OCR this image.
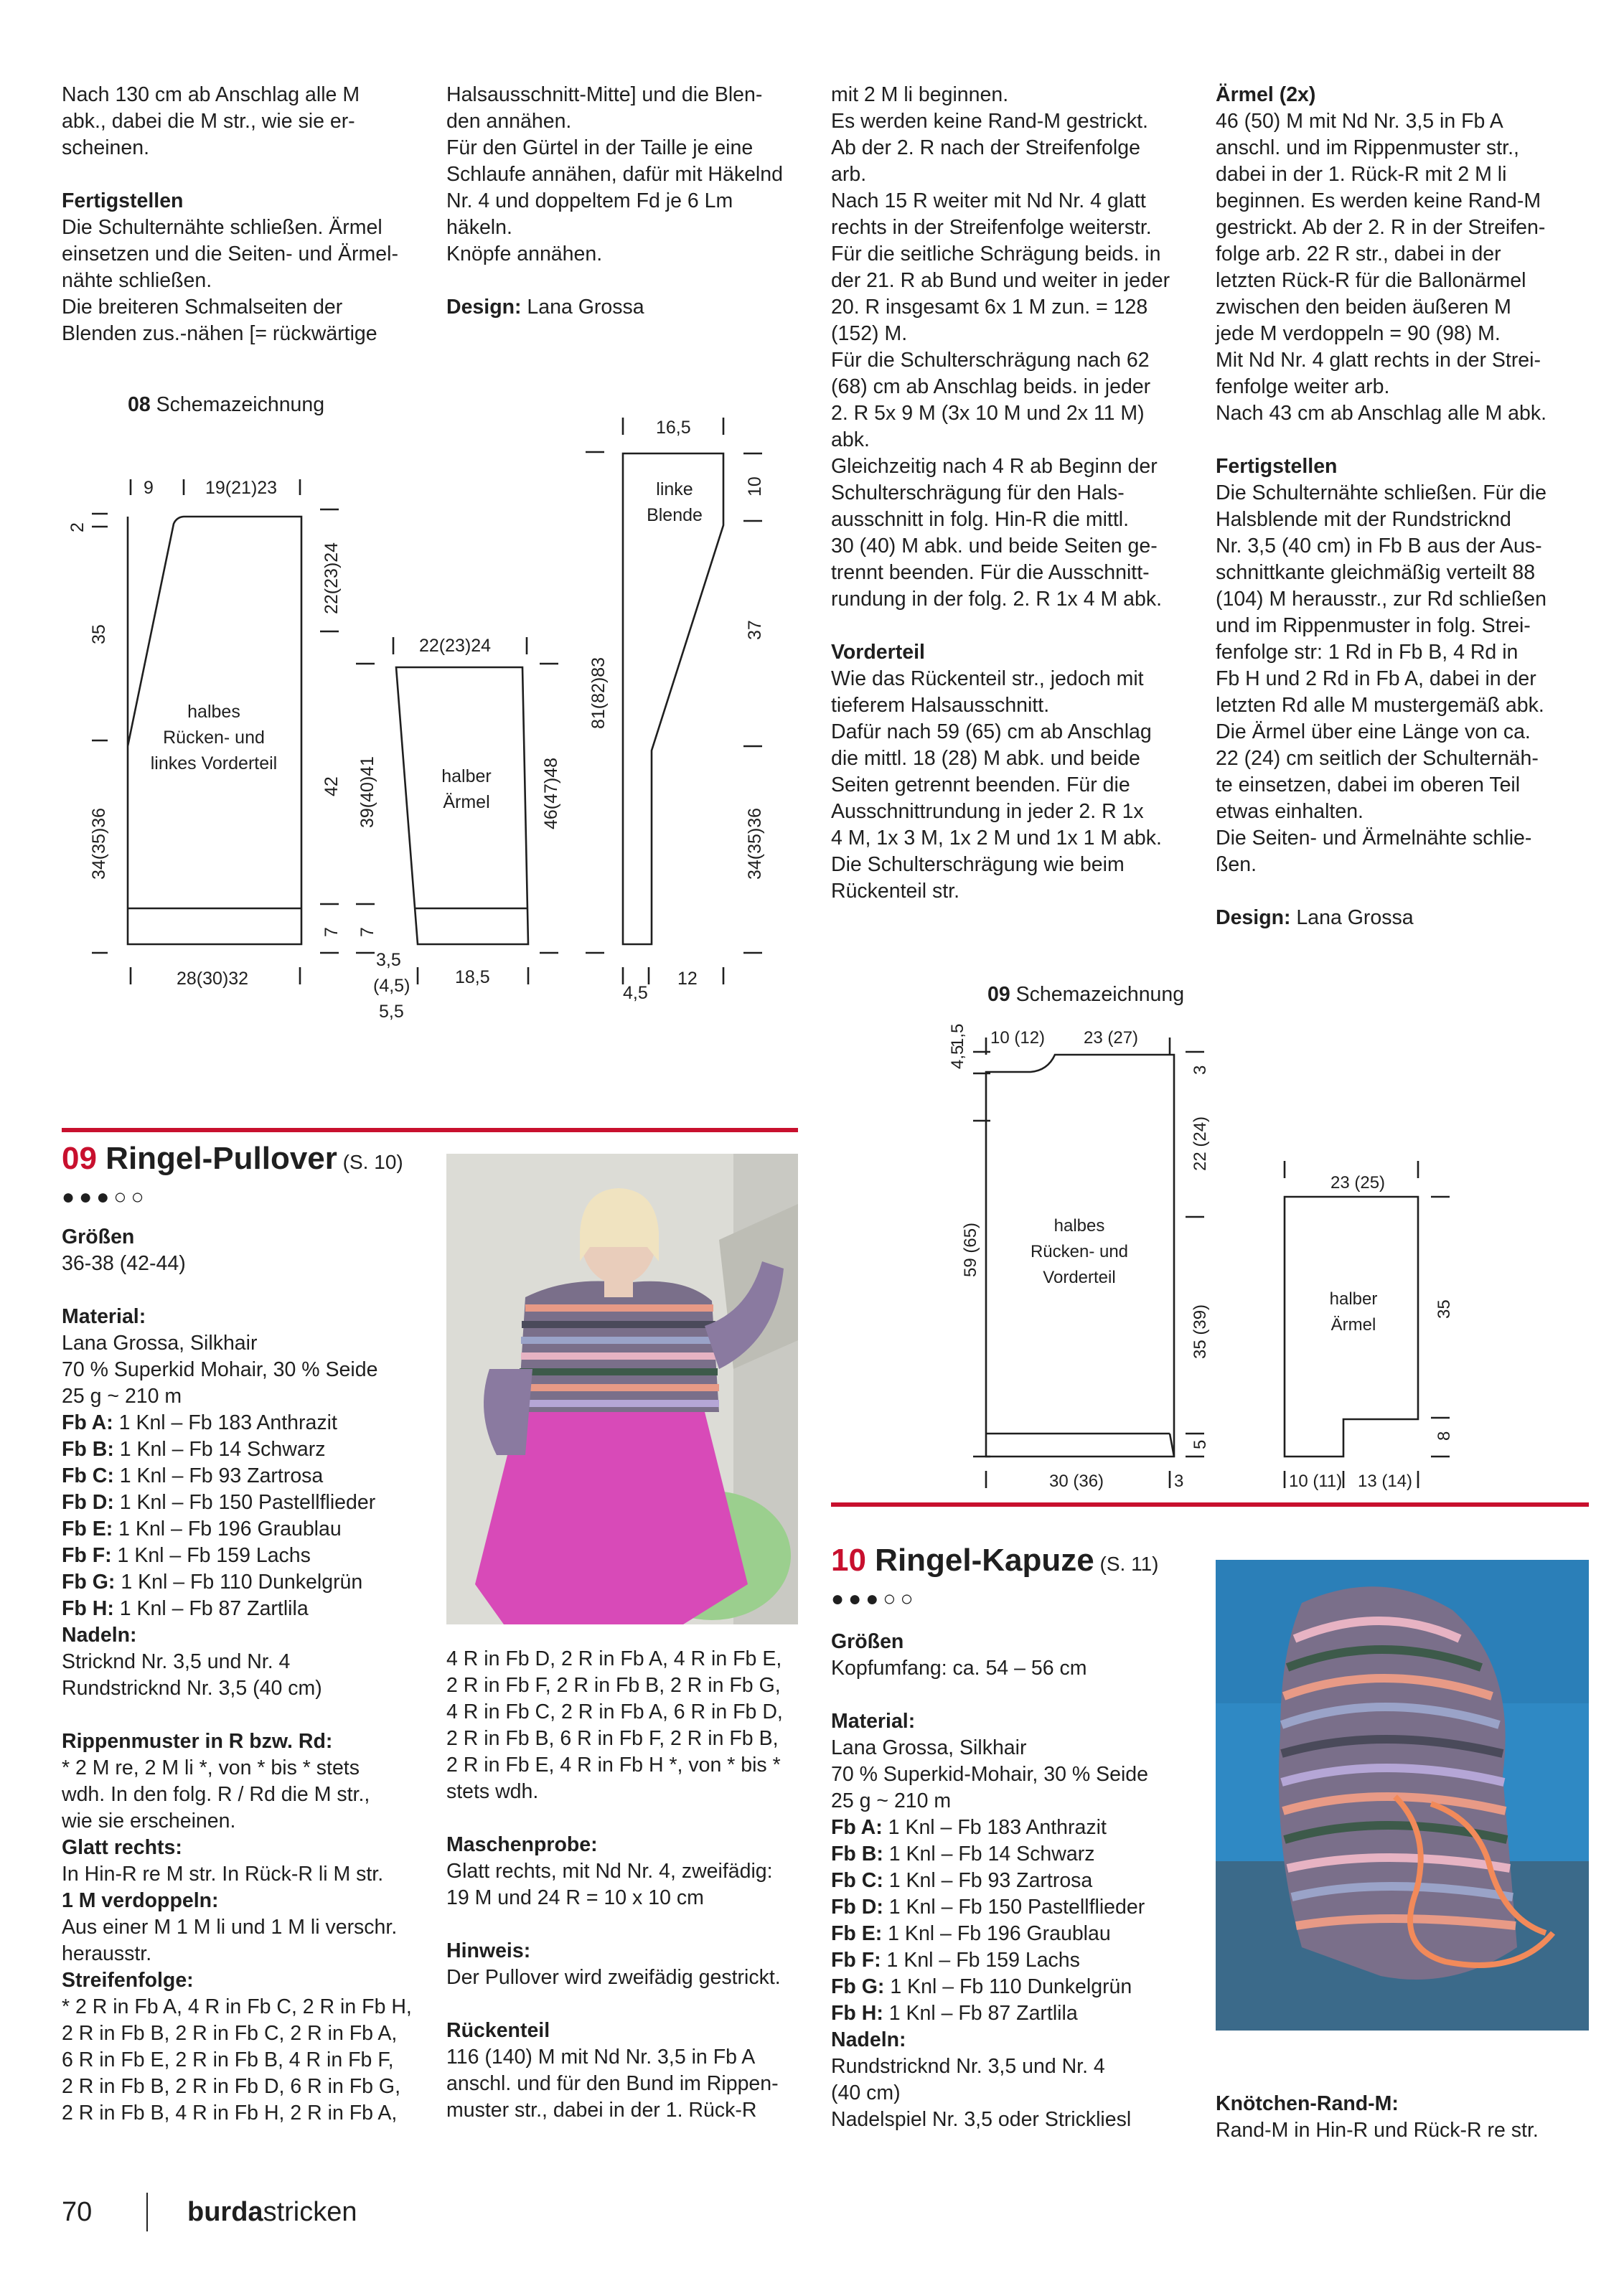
Nach 130 cm ab Anschlag alle M

abk., dabei die M str., wie sie er-

scheinen.

Fertigstellen

Die Schulternähte schließen. Ärmel

einsetzen und die Seiten- und Ärmel-

nähte schließen.

Die breiteren Schmalseiten der

Blenden zus.-nähen [= rückwärtige

Halsausschnitt-Mitte] und die Blen-

den annähen.

Für den Gürtel in der Taille je eine

Schlaufe annähen, dafür mit Häkelnd

Nr. 4 und doppeltem Fd je 6 Lm

häkeln.

Knöpfe annähen.

Design: Lana Grossa

mit 2 M li beginnen.

Es werden keine Rand-M gestrickt.

Ab der 2. R nach der Streifenfolge

arb.

Nach 15 R weiter mit Nd Nr. 4 glatt

rechts in der Streifenfolge weiterstr.

Für die seitliche Schrägung beids. in

der 21. R ab Bund und weiter in jeder

20. R insgesamt 6x 1 M zun. = 128

(152) M.

Für die Schulterschrägung nach 62

(68) cm ab Anschlag beids. in jeder

2. R 5x 9 M (3x 10 M und 2x 11 M)

abk.

Gleichzeitig nach 4 R ab Beginn der

Schulterschrägung für den Hals-

ausschnitt in folg. Hin-R die mittl.

30 (40) M abk. und beide Seiten ge-

trennt beenden. Für die Ausschnitt-

rundung in der folg. 2. R 1x 4 M abk.

Vorderteil

Wie das Rückenteil str., jedoch mit

tieferem Halsausschnitt.

Dafür nach 59 (65) cm ab Anschlag

die mittl. 18 (28) M abk. und beide

Seiten getrennt beenden. Für die

Ausschnittrundung in jeder 2. R 1x

4 M, 1x 3 M, 1x 2 M und 1x 1 M abk.

Die Schulterschrägung wie beim

Rückenteil str.

Ärmel (2x)

46 (50) M mit Nd Nr. 3,5 in Fb A

anschl. und im Rippenmuster str.,

dabei in der 1. Rück-R mit 2 M li

beginnen. Es werden keine Rand-M

gestrickt. Ab der 2. R in der Streifen-

folge arb. 22 R str., dabei in der

letzten Rück-R für die Ballonärmel

zwischen den beiden äußeren M

jede M verdoppeln = 90 (98) M.

Mit Nd Nr. 4 glatt rechts in der Strei-

fenfolge weiter arb.

Nach 43 cm ab Anschlag alle M abk.

Fertigstellen

Die Schulternähte schließen. Für die

Halsblende mit der Rundstricknd

Nr. 3,5 (40 cm) in Fb B aus der Aus-

schnittkante gleichmäßig verteilt 88

(104) M herausstr., zur Rd schließen

und im Rippenmuster in folg. Strei-

fenfolge str: 1 Rd in Fb B, 4 Rd in

Fb H und 2 Rd in Fb A, dabei in der

letzten Rd alle M mustergemäß abk.

Die Ärmel über eine Länge von ca.

22 (24) cm seitlich der Schulternäh-

te einsetzen, dabei im oberen Teil

etwas einhalten.

Die Seiten- und Ärmelnähte schlie-

ßen.

Design: Lana Grossa

08 Schemazeichnung
9	19(21)23
2
35
34(35)36
22(23)24
42
7
28(30)32
halbes
Rücken- und
linkes Vorderteil
22(23)24
39(40)41
7
46(47)48
halber
Ärmel
3,5
(4,5)
5,5
18,5
16,5
81(82)83
10
37
34(35)36
linke
Blende
4,5
12
09 Schemazeichnung
10 (12) 23 (27)
4,5
1,5
59 (65)
3
22 (24)
35 (39)
5
30 (36)	3
halbes
Rücken- und
Vorderteil
23 (25)
35
8
10 (11) 13 (14)
halber
Ärmel
09 Ringel-Pullover (S. 10)
●●●○○

Größen

36-38 (42-44)

Material:

Lana Grossa, Silkhair

70 % Superkid Mohair, 30 % Seide

25 g ~ 210 m

Fb A: 1 Knl – Fb 183 Anthrazit

Fb B: 1 Knl – Fb 14 Schwarz

Fb C: 1 Knl – Fb 93 Zartrosa

Fb D: 1 Knl – Fb 150 Pastellflieder

Fb E: 1 Knl – Fb 196 Graublau

Fb F: 1 Knl – Fb 159 Lachs

Fb G: 1 Knl – Fb 110 Dunkelgrün

Fb H: 1 Knl – Fb 87 Zartlila

Nadeln:

Stricknd Nr. 3,5 und Nr. 4

Rundstricknd Nr. 3,5 (40 cm)

Rippenmuster in R bzw. Rd:

* 2 M re, 2 M li *, von * bis * stets

wdh. In den folg. R / Rd die M str.,

wie sie erscheinen.

Glatt rechts:

In Hin-R re M str. In Rück-R li M str.

1 M verdoppeln:

Aus einer M 1 M li und 1 M li verschr.

herausstr.

Streifenfolge:

* 2 R in Fb A, 4 R in Fb C, 2 R in Fb H,

2 R in Fb B, 2 R in Fb C, 2 R in Fb A,

6 R in Fb E, 2 R in Fb B, 4 R in Fb F,

2 R in Fb B, 2 R in Fb D, 6 R in Fb G,

2 R in Fb B, 4 R in Fb H, 2 R in Fb A,

4 R in Fb D, 2 R in Fb A, 4 R in Fb E,

2 R in Fb F, 2 R in Fb B, 2 R in Fb G,

4 R in Fb C, 2 R in Fb A, 6 R in Fb D,

2 R in Fb B, 6 R in Fb F, 2 R in Fb B,

2 R in Fb E, 4 R in Fb H *, von * bis *

stets wdh.

Maschenprobe:

Glatt rechts, mit Nd Nr. 4, zweifädig:

19 M und 24 R = 10 x 10 cm

Hinweis:

Der Pullover wird zweifädig gestrickt.

Rückenteil

116 (140) M mit Nd Nr. 3,5 in Fb A

anschl. und für den Bund im Rippen-

muster str., dabei in der 1. Rück-R

10 Ringel-Kapuze (S. 11)
●●●○○

Größen

Kopfumfang: ca. 54 – 56 cm

Material:

Lana Grossa, Silkhair

70 % Superkid-Mohair, 30 % Seide

25 g ~ 210 m

Fb A: 1 Knl – Fb 183 Anthrazit

Fb B: 1 Knl – Fb 14 Schwarz

Fb C: 1 Knl – Fb 93 Zartrosa

Fb D: 1 Knl – Fb 150 Pastellflieder

Fb E: 1 Knl – Fb 196 Graublau

Fb F: 1 Knl – Fb 159 Lachs

Fb G: 1 Knl – Fb 110 Dunkelgrün

Fb H: 1 Knl – Fb 87 Zartlila

Nadeln:

Rundstricknd Nr. 3,5 und Nr. 4

(40 cm)

Nadelspiel Nr. 3,5 oder Strickliesl

Knötchen-Rand-M:

Rand-M in Hin-R und Rück-R re str.

70	burdastricken
